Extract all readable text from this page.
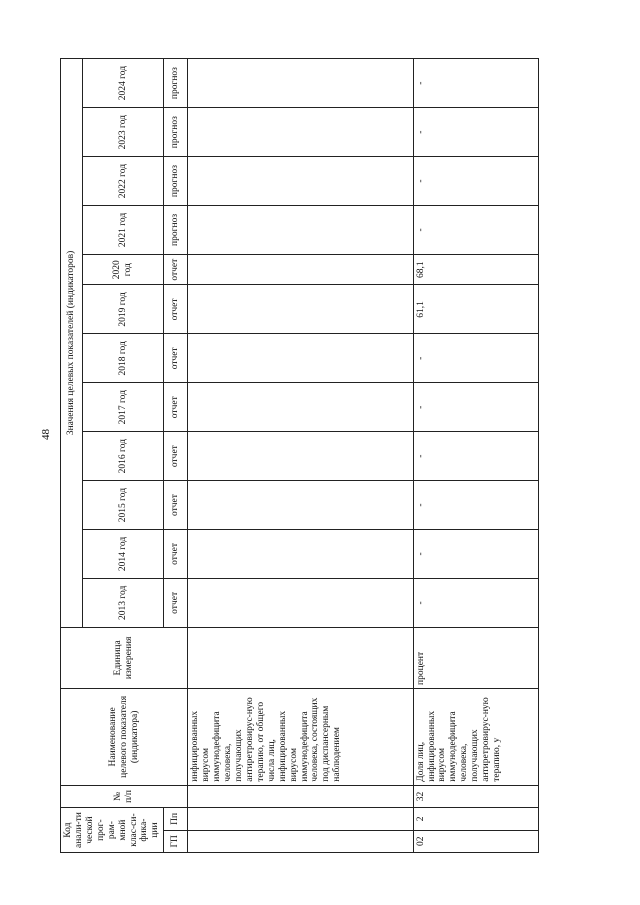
48
Код анали-ти ческой прог-рам-мной клас-си-фика-ции		№ п/п	Наименование целевого показателя (индикатора)	Единица измерения	Значения целевых показателей (индикаторов)											
					2013 год	2014 год	2015 год	2016 год	2017 год	2018 год	2019 год	2020 год	2021 год	2022 год	2023 год	2024 год
ГП	Пп				отчет	отчет	отчет	отчет	отчет	отчет	отчет	отчет	прогноз	прогноз	прогноз	прогноз
			инфицированных вирусом иммунодефицита человека, получающих антиретровирус-ную терапию, от общего числа лиц, инфицированных вирусом иммунодефицита человека, состоящих под диспансерным наблюдением													
02	2	32	Доля лиц, инфицированных вирусом иммунодефицита человека, получающих антиретровирус-ную терапию, у	процент	-	-	-	-	-	-	61,1	68,1	-	-	-	-
